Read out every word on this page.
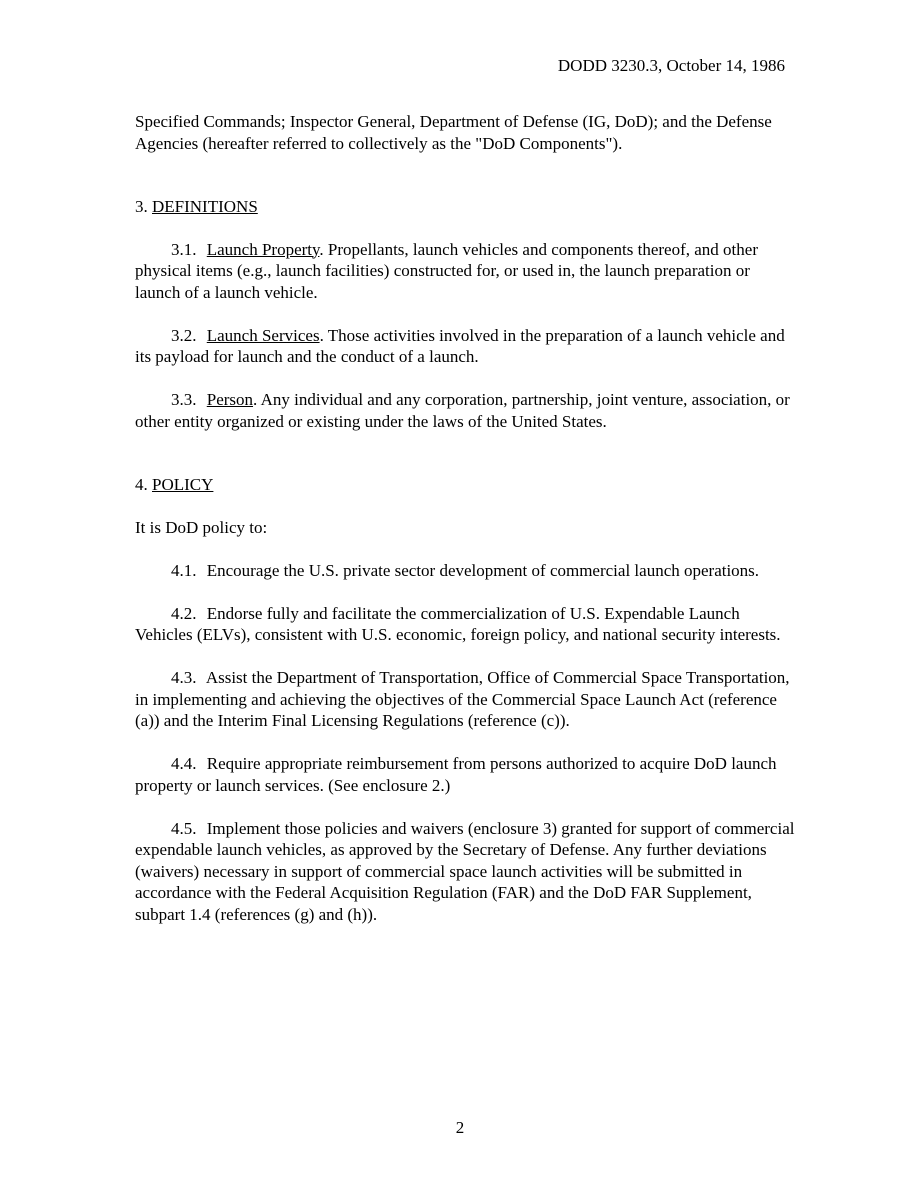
DODD 3230.3, October 14, 1986

Specified Commands; Inspector General, Department of Defense (IG, DoD); and the Defense Agencies (hereafter referred to collectively as the "DoD Components").

3. DEFINITIONS

3.1. Launch Property. Propellants, launch vehicles and components thereof, and other physical items (e.g., launch facilities) constructed for, or used in, the launch preparation or launch of a launch vehicle.

3.2. Launch Services. Those activities involved in the preparation of a launch vehicle and its payload for launch and the conduct of a launch.

3.3. Person. Any individual and any corporation, partnership, joint venture, association, or other entity organized or existing under the laws of the United States.

4. POLICY

It is DoD policy to:

4.1. Encourage the U.S. private sector development of commercial launch operations.

4.2. Endorse fully and facilitate the commercialization of U.S. Expendable Launch Vehicles (ELVs), consistent with U.S. economic, foreign policy, and national security interests.

4.3. Assist the Department of Transportation, Office of Commercial Space Transportation, in implementing and achieving the objectives of the Commercial Space Launch Act (reference (a)) and the Interim Final Licensing Regulations (reference (c)).

4.4. Require appropriate reimbursement from persons authorized to acquire DoD launch property or launch services. (See enclosure 2.)

4.5. Implement those policies and waivers (enclosure 3) granted for support of commercial expendable launch vehicles, as approved by the Secretary of Defense. Any further deviations (waivers) necessary in support of commercial space launch activities will be submitted in accordance with the Federal Acquisition Regulation (FAR) and the DoD FAR Supplement, subpart 1.4 (references (g) and (h)).

2
